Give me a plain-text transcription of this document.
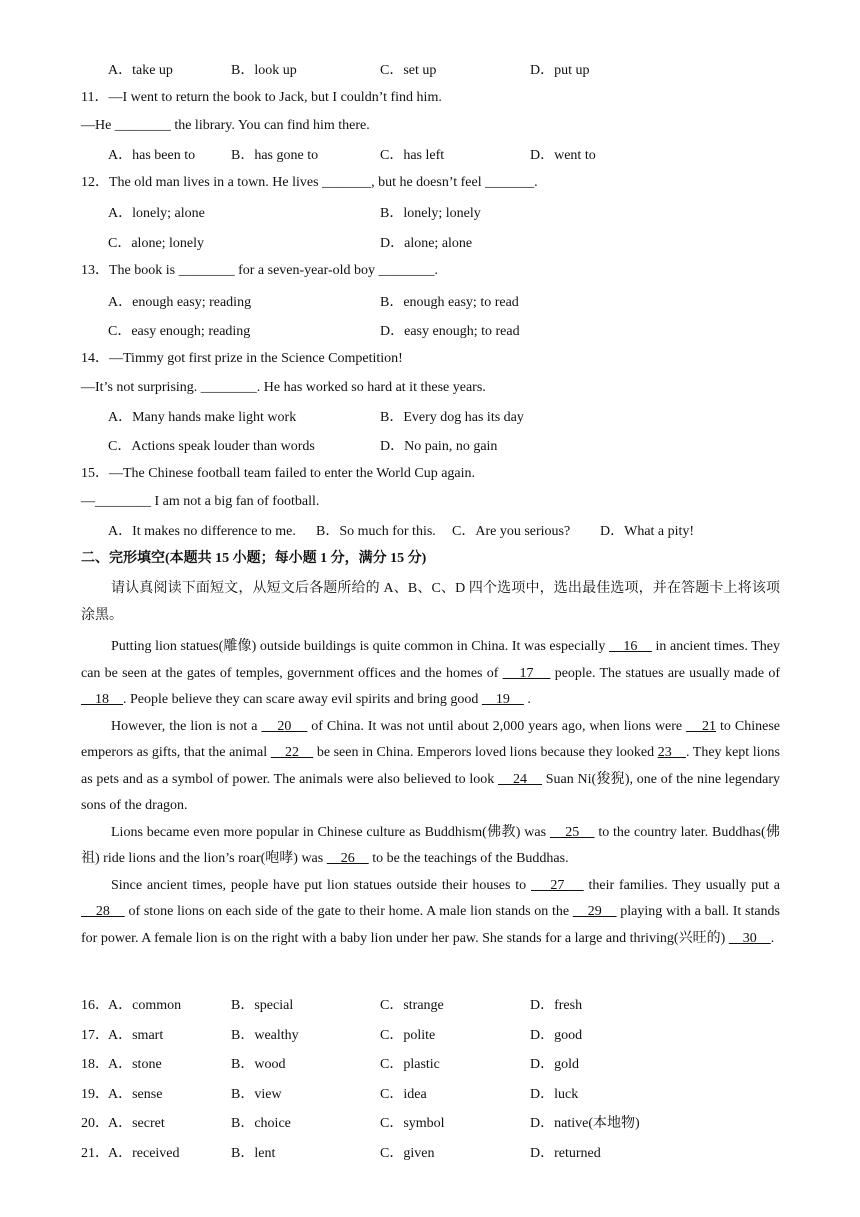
A．take up	B．look up	C．set up	D．put up
11．—I went to return the book to Jack, but I couldn’t find him.
—He ________ the library. You can find him there.
A．has been to	B．has gone to	C．has left	D．went to
12．The old man lives in a town. He lives _______, but he doesn’t feel _______.
A．lonely; alone	B．lonely; lonely
C．alone; lonely	D．alone; alone
13．The book is ________ for a seven-year-old boy ________.
A．enough easy; reading	B．enough easy; to read
C．easy enough; reading	D．easy enough; to read
14．—Timmy got first prize in the Science Competition!
—It’s not surprising. ________. He has worked so hard at it these years.
A．Many hands make light work	B．Every dog has its day
C．Actions speak louder than words	D．No pain, no gain
15．—The Chinese football team failed to enter the World Cup again.
—________ I am not a big fan of football.
A．It makes no difference to me. B．So much for this. C．Are you serious? D．What a pity!
二、完形填空(本题共 15 小题；每小题 1 分，满分 15 分)

请认真阅读下面短文，从短文后各题所给的 A、B、C、D 四个选项中，选出最佳选项，并在答题卡上将该项涂黑。

Putting lion statues(雕像) outside buildings is quite common in China. It was especially     16     in ancient times. They can be seen at the gates of temples, government offices and the homes of     17     people. The statues are usually made of     18    . People believe they can scare away evil spirits and bring good     19     .

However, the lion is not a     20     of China. It was not until about 2,000 years ago, when lions were     21 to Chinese emperors as gifts, that the animal     22     be seen in China. Emperors loved lions because they looked 23    . They kept lions as pets and as a symbol of power. The animals were also believed to look     24     Suan Ni(狻猊), one of the nine legendary sons of the dragon.

Lions became even more popular in Chinese culture as Buddhism(佛教) was     25     to the country later. Buddhas(佛祖) ride lions and the lion’s roar(咆哮) was     26     to be the teachings of the Buddhas.

Since ancient times, people have put lion statues outside their houses to     27     their families. They usually put a     28     of stone lions on each side of the gate to their home. A male lion stands on the     29     playing with a ball. It stands for power. A female lion is on the right with a baby lion under her paw. She stands for a large and thriving(兴旺的)     30    .

16． A．common	B．special	C．strange	D．fresh
17． A．smart	B．wealthy	C．polite	D．good
18． A．stone	B．wood	C．plastic	D．gold
19． A．sense	B．view	C．idea	D．luck
20． A．secret	B．choice	C．symbol	D．native(本地物)
21． A．received	B．lent	C．given	D．returned
